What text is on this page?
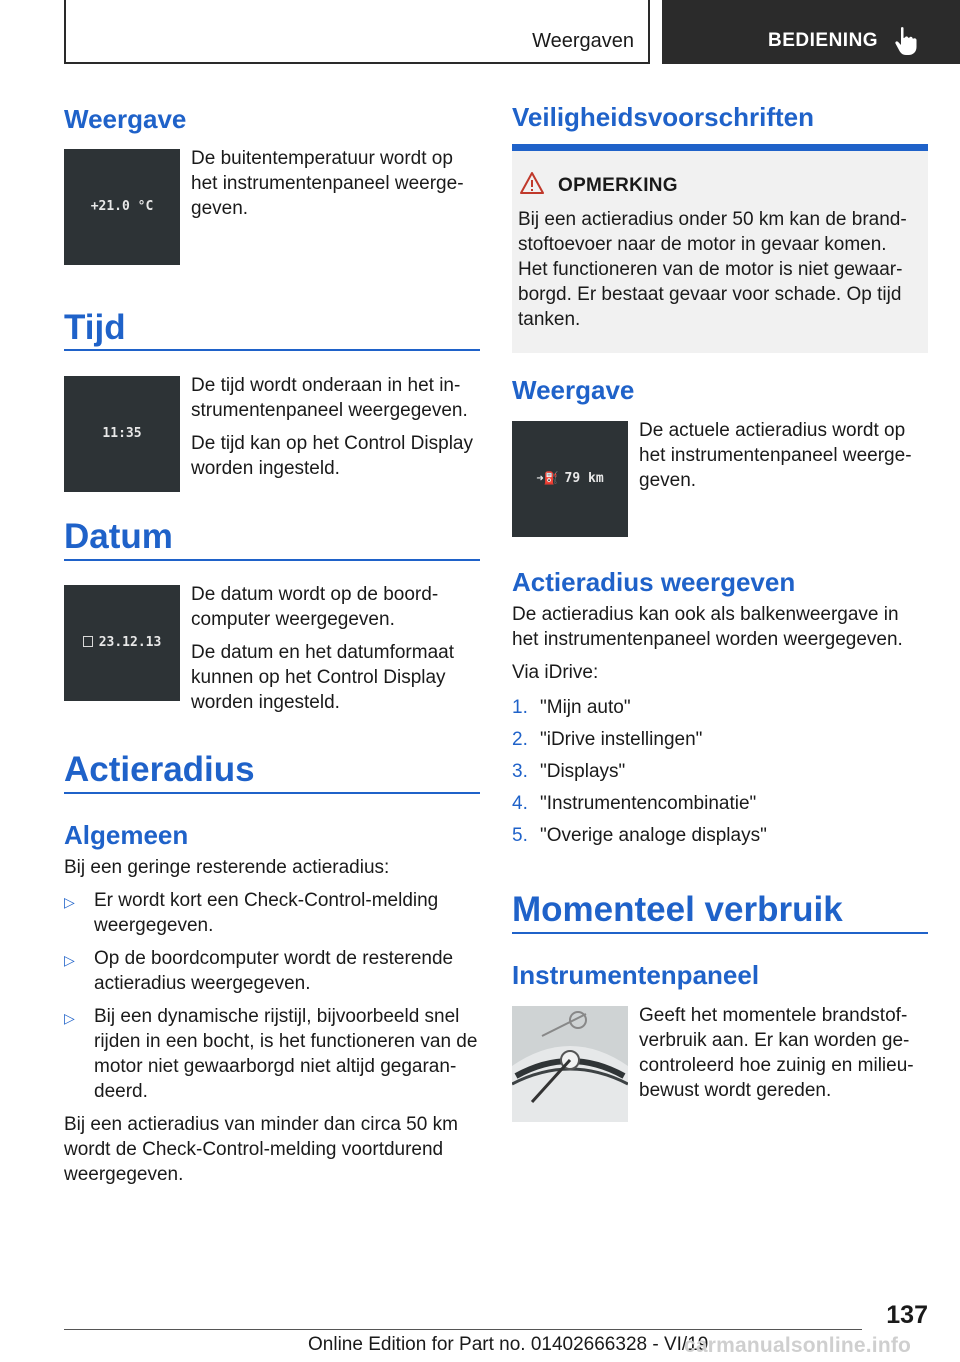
Weergaven	BEDIENING
Weergave
+21.0 °C

De buitentemperatuur wordt op het instrumentenpaneel weergegeven.

Tijd
11:35

De tijd wordt onderaan in het instrumentenpaneel weergegeven.

De tijd kan op het Control Display worden ingesteld.

Datum
23.12.13

De datum wordt op de boordcomputer weergegeven.

De datum en het datumformaat kunnen op het Control Display worden ingesteld.

Actieradius
Algemeen

Bij een geringe resterende actieradius:

▷ Er wordt kort een Check-Control-melding weergegeven.
▷ Op de boordcomputer wordt de resterende actieradius weergegeven.
▷ Bij een dynamische rijstijl, bijvoorbeeld snel rijden in een bocht, is het functioneren van de motor niet gewaarborgd niet altijd gegarandeerd.

Bij een actieradius van minder dan circa 50 km wordt de Check-Control-melding voortdurend weergegeven.

Veiligheidsvoorschriften
OPMERKING
Bij een actieradius onder 50 km kan de brandstoftoevoer naar de motor in gevaar komen. Het functioneren van de motor is niet gewaarborgd. Er bestaat gevaar voor schade. Op tijd tanken.
Weergave
➜⛽ 79 km

De actuele actieradius wordt op het instrumentenpaneel weergegeven.

Actieradius weergeven

De actieradius kan ook als balkenweergave in het instrumentenpaneel worden weergegeven.

Via iDrive:

1. "Mijn auto"
2. "iDrive instellingen"
3. "Displays"
4. "Instrumentencombinatie"
5. "Overige analoge displays"
Momenteel verbruik
Instrumentenpaneel

Geeft het momentele brandstofverbruik aan. Er kan worden gecontroleerd hoe zuinig en milieubewust wordt gereden.

137
Online Edition for Part no. 01402666328 - VI/19
carmanualsonline.info
